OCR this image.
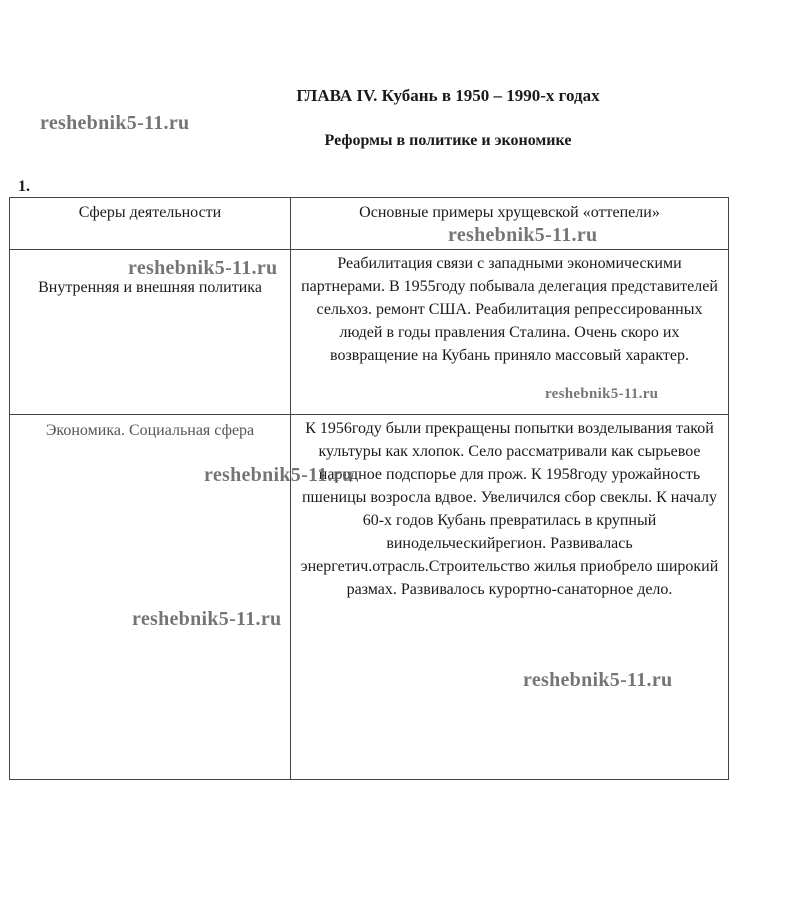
ГЛАВА IV. Кубань в 1950 – 1990-х годах
Реформы в политике и экономике
1.
Сферы деятельности	Основные примеры хрущевской «оттепели»

Внутренняя и внешняя политика	Реабилитация связи с западными экономическими партнерами. В 1955году побывала делегация представителей сельхоз. ремонт США. Реабилитация репрессированных людей в годы правления Сталина. Очень скоро их возвращение на Кубань приняло массовый характер.

Экономика. Социальная сфера	К 1956году были прекращены попытки возделывания такой культуры как хлопок. Село рассматривали как сырьевое народное подспорье для прож. К 1958году урожайность пшеницы возросла вдвое. Увеличился сбор свеклы. К началу 60-х годов Кубань превратилась в крупный винодельческийрегион. Развивалась энергетич.отрасль.Строительство жилья приобрело широкий размах. Развивалось курортно-санаторное дело.
reshebnik5-11.ru
reshebnik5-11.ru
reshebnik5-11.ru
reshebnik5-11.ru
reshebnik5-11.ru
reshebnik5-11.ru
reshebnik5-11.ru
